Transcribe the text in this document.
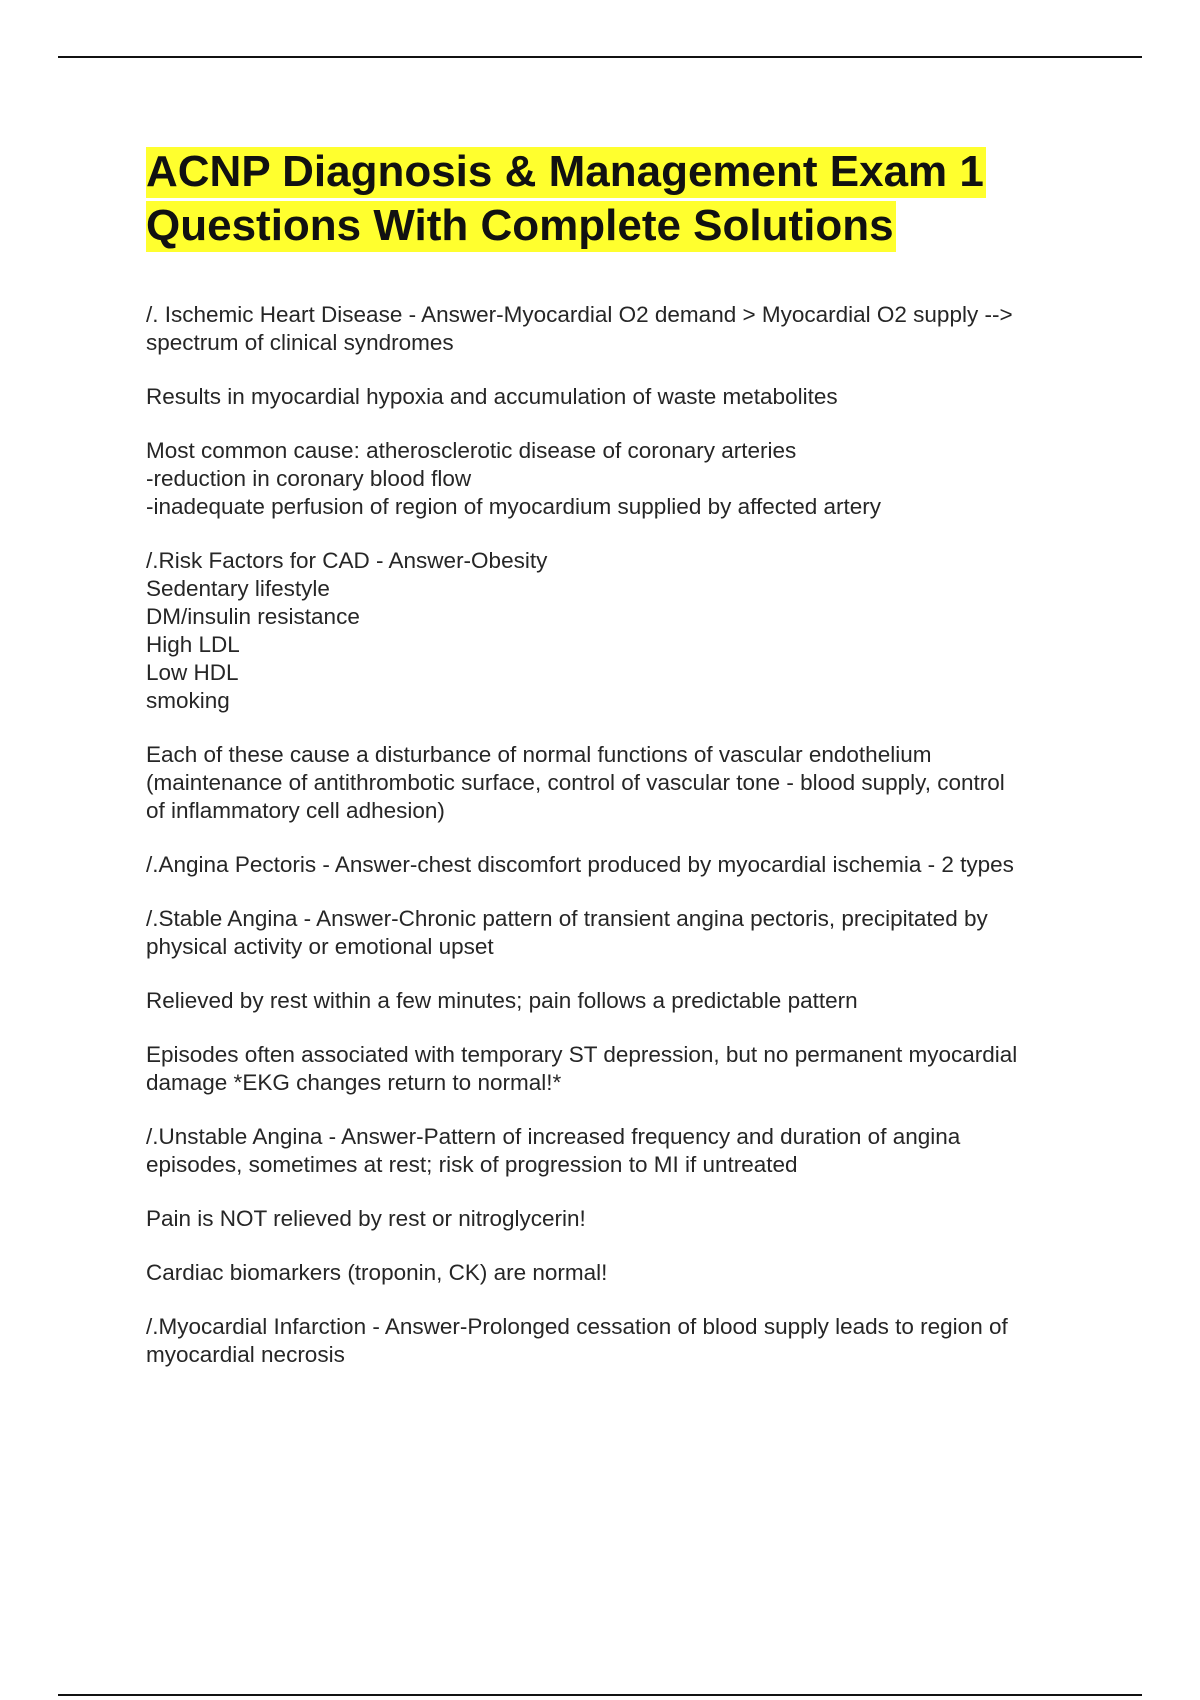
ACNP Diagnosis & Management Exam 1
Questions With Complete Solutions
/. Ischemic Heart Disease - Answer-Myocardial O2 demand > Myocardial O2 supply -->
spectrum of clinical syndromes
Results in myocardial hypoxia and accumulation of waste metabolites
Most common cause: atherosclerotic disease of coronary arteries
-reduction in coronary blood flow
-inadequate perfusion of region of myocardium supplied by affected artery
/.Risk Factors for CAD - Answer-Obesity
Sedentary lifestyle
DM/insulin resistance
High LDL
Low HDL
smoking
Each of these cause a disturbance of normal functions of vascular endothelium
(maintenance of antithrombotic surface, control of vascular tone - blood supply, control
of inflammatory cell adhesion)
/.Angina Pectoris - Answer-chest discomfort produced by myocardial ischemia - 2 types
/.Stable Angina - Answer-Chronic pattern of transient angina pectoris, precipitated by
physical activity or emotional upset
Relieved by rest within a few minutes; pain follows a predictable pattern
Episodes often associated with temporary ST depression, but no permanent myocardial
damage *EKG changes return to normal!*
/.Unstable Angina - Answer-Pattern of increased frequency and duration of angina
episodes, sometimes at rest; risk of progression to MI if untreated
Pain is NOT relieved by rest or nitroglycerin!
Cardiac biomarkers (troponin, CK) are normal!
/.Myocardial Infarction - Answer-Prolonged cessation of blood supply leads to region of
myocardial necrosis
